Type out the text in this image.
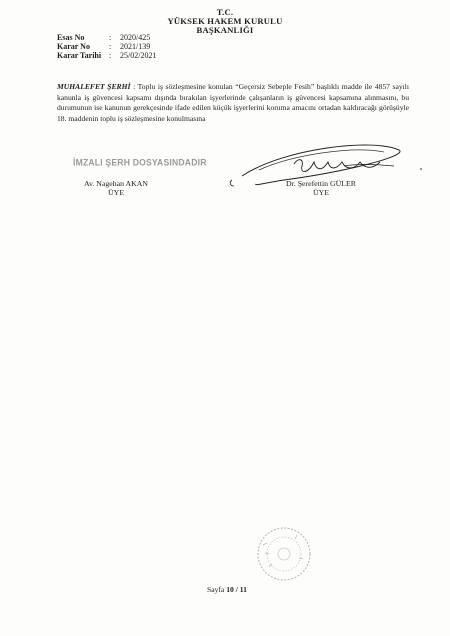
T.C.
YÜKSEK HAKEM KURULU
BAŞKANLIĞI
Esas No	:	2020/425
Karar No	:	2021/139
Karar Tarihi :	25/02/2021
MUHALEFET ŞERHİ : Toplu iş sözleşmesine konulan “Geçersiz Sebeple Fesih” başlıklı madde ile 4857 sayılı kanunla iş güvencesi kapsamı dışında bırakılan işyerlerinde çalışanların iş güvencesi kapsamına alınmasını, bu durumunun ise kanunun gerekçesinde ifade edilen küçük işyerlerini koruma amacını ortadan kaldıracağı görüşüyle 18. maddenin toplu iş sözleşmesine konulmasına
İMZALI ŞERH DOSYASINDADIR
Av. Nagehan AKAN
ÜYE
Dr. Şerefettin GÜLER
ÜYE
Sayfa 10 / 11
